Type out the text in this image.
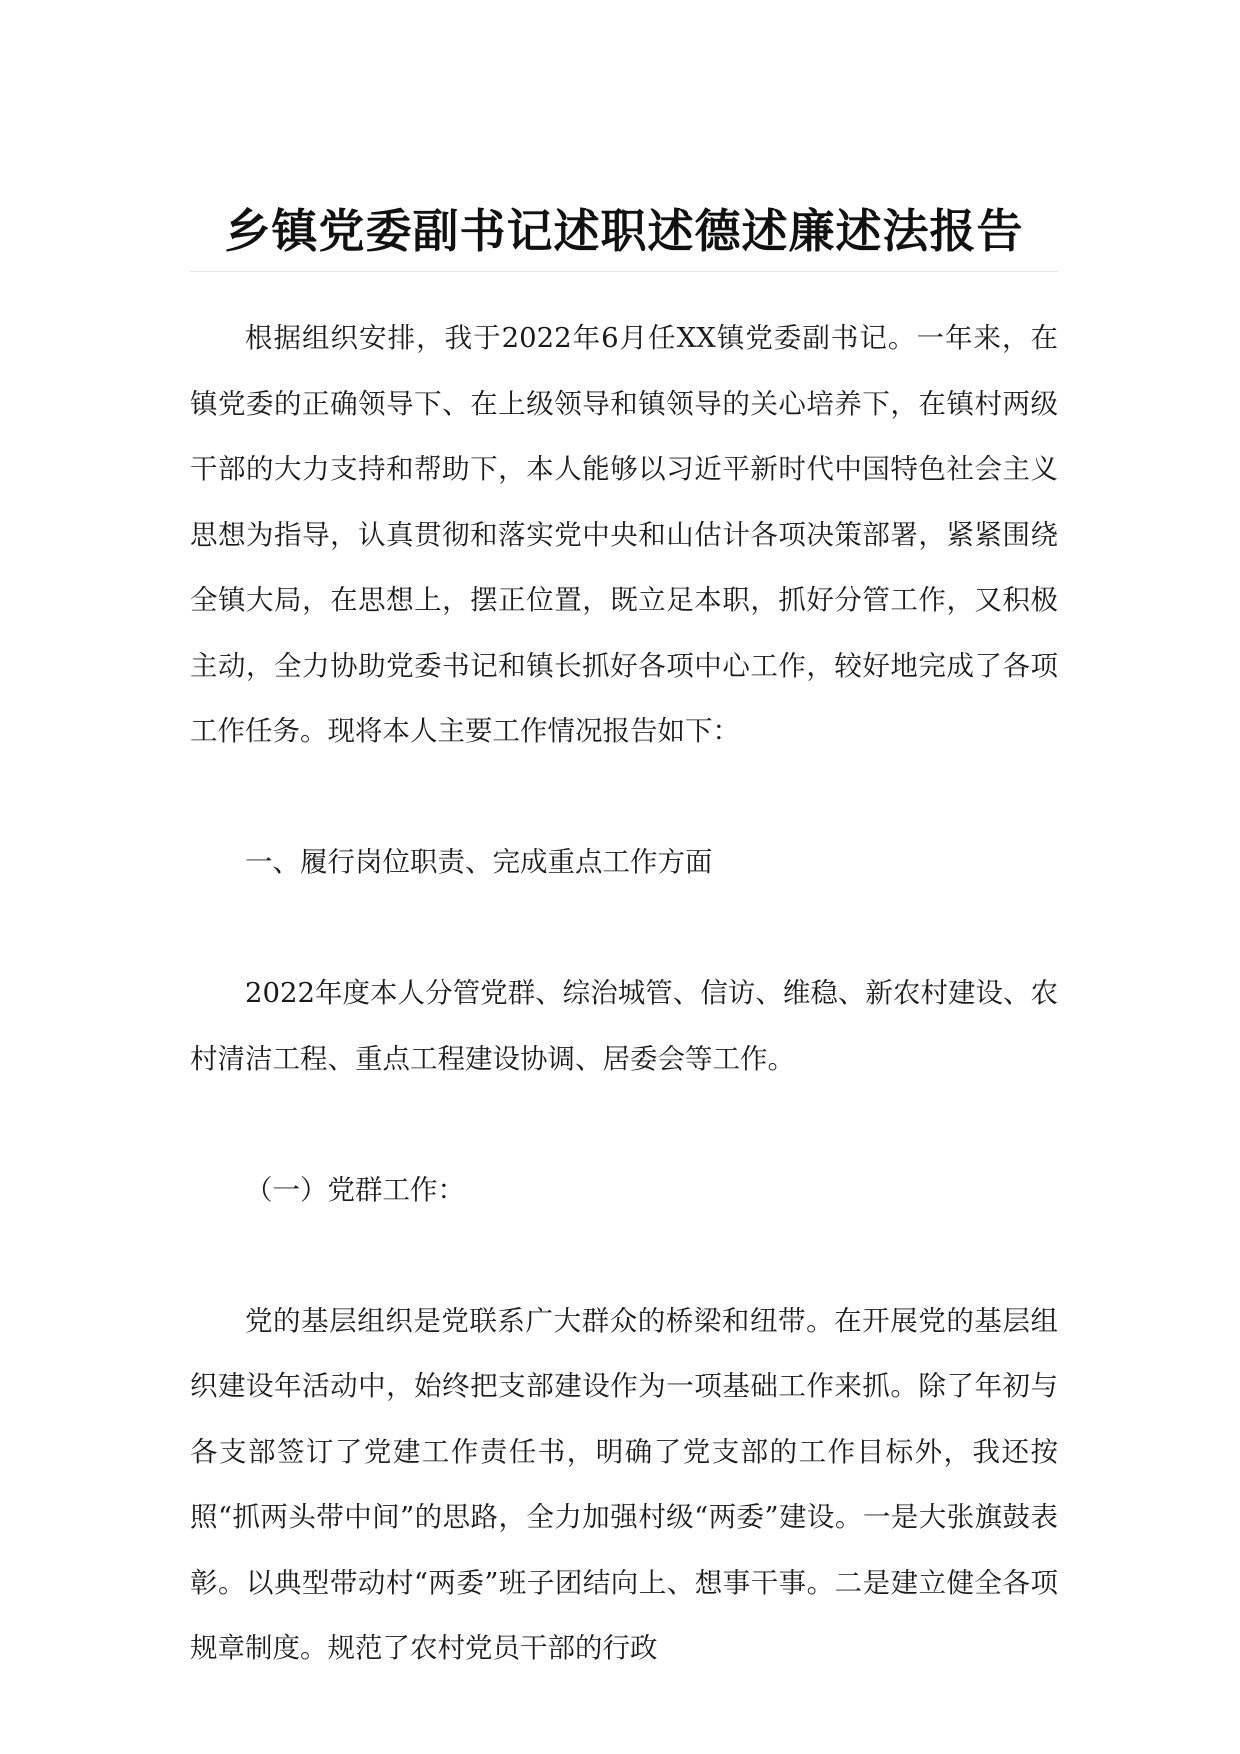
乡镇党委副书记述职述德述廉述法报告

根据组织安排，我于2022年6月任XX镇党委副书记。一年来，在镇党委的正确领导下、在上级领导和镇领导的关心培养下，在镇村两级干部的大力支持和帮助下，本人能够以习近平新时代中国特色社会主义思想为指导，认真贯彻和落实党中央和山估计各项决策部署，紧紧围绕全镇大局，在思想上，摆正位置，既立足本职，抓好分管工作，又积极主动，全力协助党委书记和镇长抓好各项中心工作，较好地完成了各项工作任务。现将本人主要工作情况报告如下：

一、履行岗位职责、完成重点工作方面

2022年度本人分管党群、综治城管、信访、维稳、新农村建设、农村清洁工程、重点工程建设协调、居委会等工作。

（一）党群工作：

党的基层组织是党联系广大群众的桥梁和纽带。在开展党的基层组织建设年活动中，始终把支部建设作为一项基础工作来抓。除了年初与各支部签订了党建工作责任书，明确了党支部的工作目标外，我还按照“抓两头带中间”的思路，全力加强村级“两委”建设。一是大张旗鼓表彰。以典型带动村“两委”班子团结向上、想事干事。二是建立健全各项规章制度。规范了农村党员干部的行政
